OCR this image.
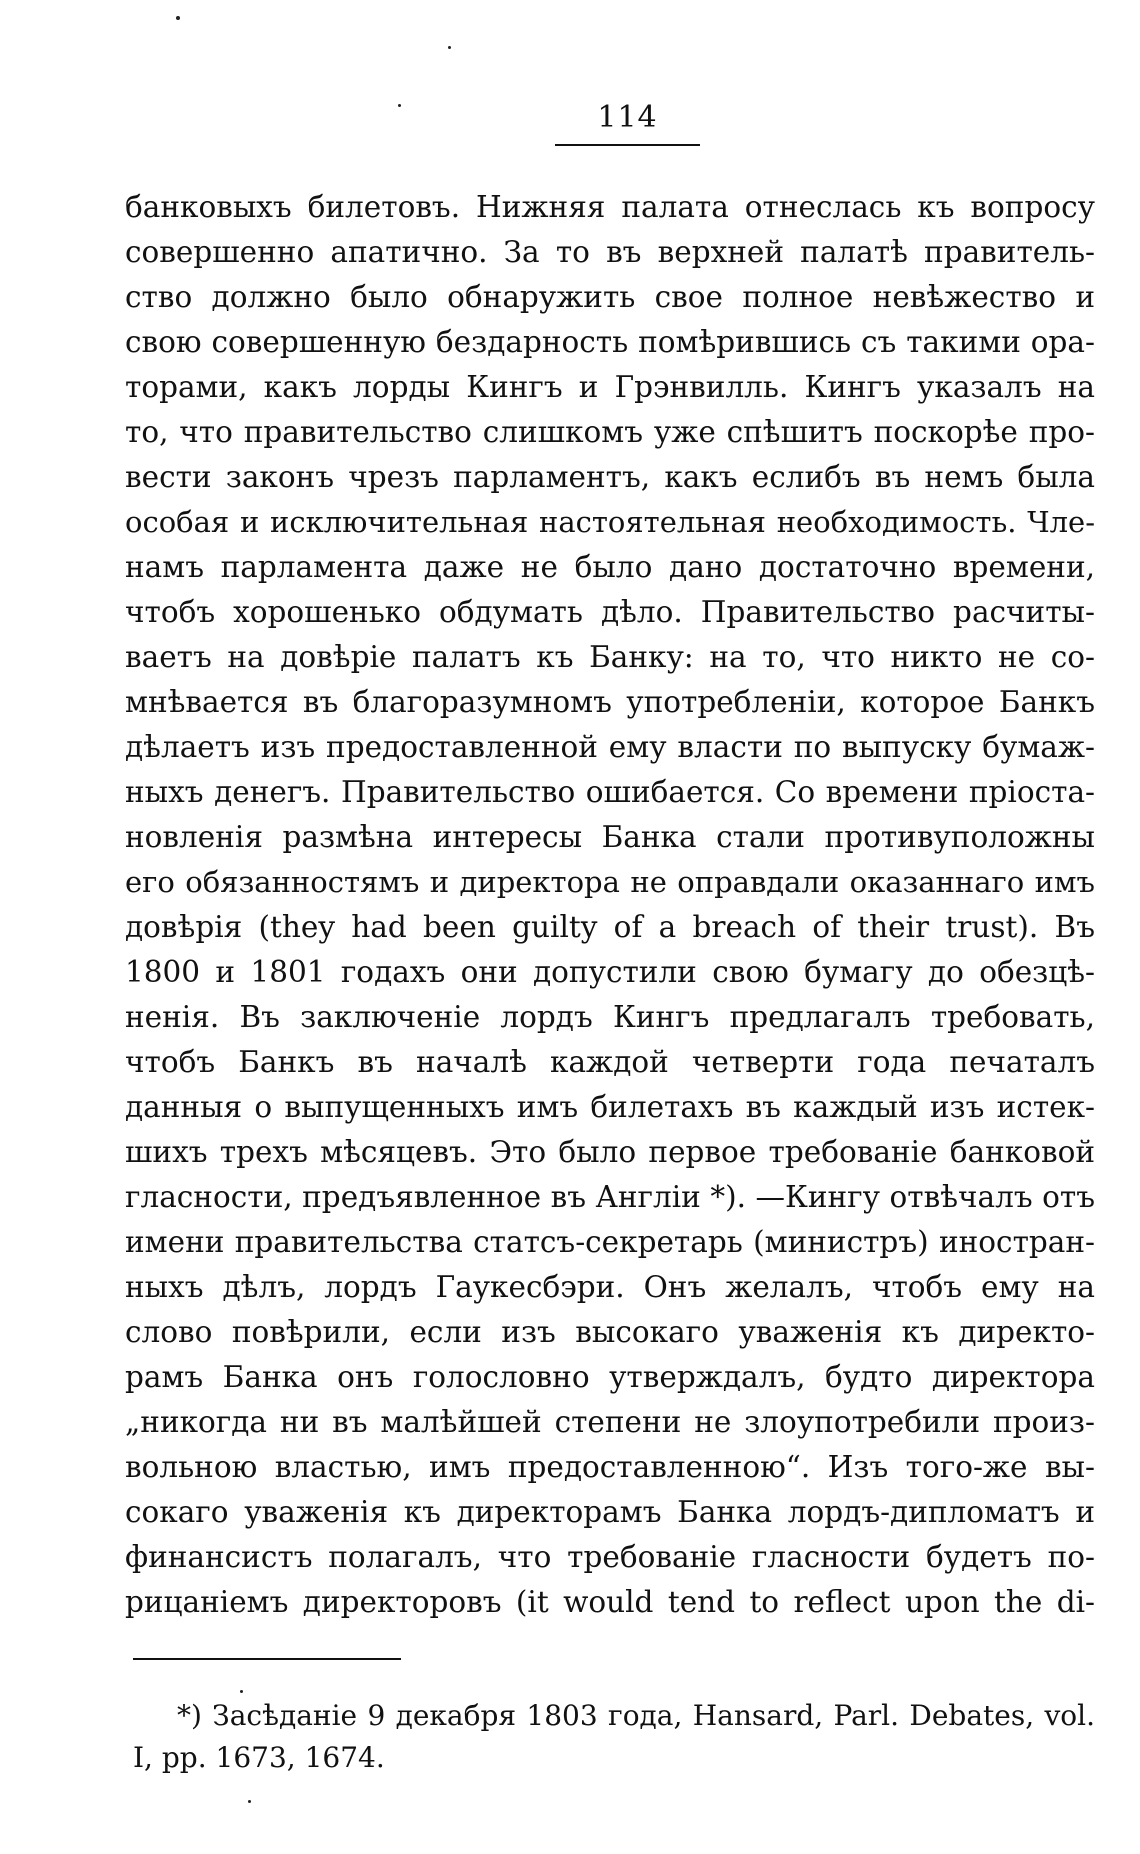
114
банковыхъ билетовъ. Нижняя палата отнеслась къ вопросу
совершенно апатично. За то въ верхней палатѣ правитель-
ство должно было обнаружить свое полное невѣжество и
свою совершенную бездарность помѣрившись съ такими ора-
торами, какъ лорды Кингъ и Грэнвилль. Кингъ указалъ на
то, что правительство слишкомъ уже спѣшитъ поскорѣе про-
вести законъ чрезъ парламентъ, какъ еслибъ въ немъ была
особая и исключительная настоятельная необходимость. Чле-
намъ парламента даже не было дано достаточно времени,
чтобъ хорошенько обдумать дѣло. Правительство расчиты-
ваетъ на довѣріе палатъ къ Банку: на то, что никто не со-
мнѣвается въ благоразумномъ употребленіи, которое Банкъ
дѣлаетъ изъ предоставленной ему власти по выпуску бумаж-
ныхъ денегъ. Правительство ошибается. Со времени пріоста-
новленія размѣна интересы Банка стали противуположны
его обязанностямъ и директора не оправдали оказаннаго имъ
довѣрія (they had been guilty of a breach of their trust). Въ
1800 и 1801 годахъ они допустили свою бумагу до обезцѣ-
ненія. Въ заключеніе лордъ Кингъ предлагалъ требовать,
чтобъ Банкъ въ началѣ каждой четверти года печаталъ
данныя о выпущенныхъ имъ билетахъ въ каждый изъ истек-
шихъ трехъ мѣсяцевъ. Это было первое требованіе банковой
гласности, предъявленное въ Англіи *). —Кингу отвѣчалъ отъ
имени правительства статсъ-секретарь (министръ) иностран-
ныхъ дѣлъ, лордъ Гаукесбэри. Онъ желалъ, чтобъ ему на
слово повѣрили, если изъ высокаго уваженія къ директо-
рамъ Банка онъ голословно утверждалъ, будто директора
„никогда ни въ малѣйшей степени не злоупотребили произ-
вольною властью, имъ предоставленною“. Изъ того-же вы-
сокаго уваженія къ директорамъ Банка лордъ-дипломатъ и
финансистъ полагалъ, что требованіе гласности будетъ по-
рицаніемъ директоровъ (it would tend to reflect upon the di-
*) Засѣданіе 9 декабря 1803 года, Hansard, Parl. Debates, vol.
I, pp. 1673, 1674.
